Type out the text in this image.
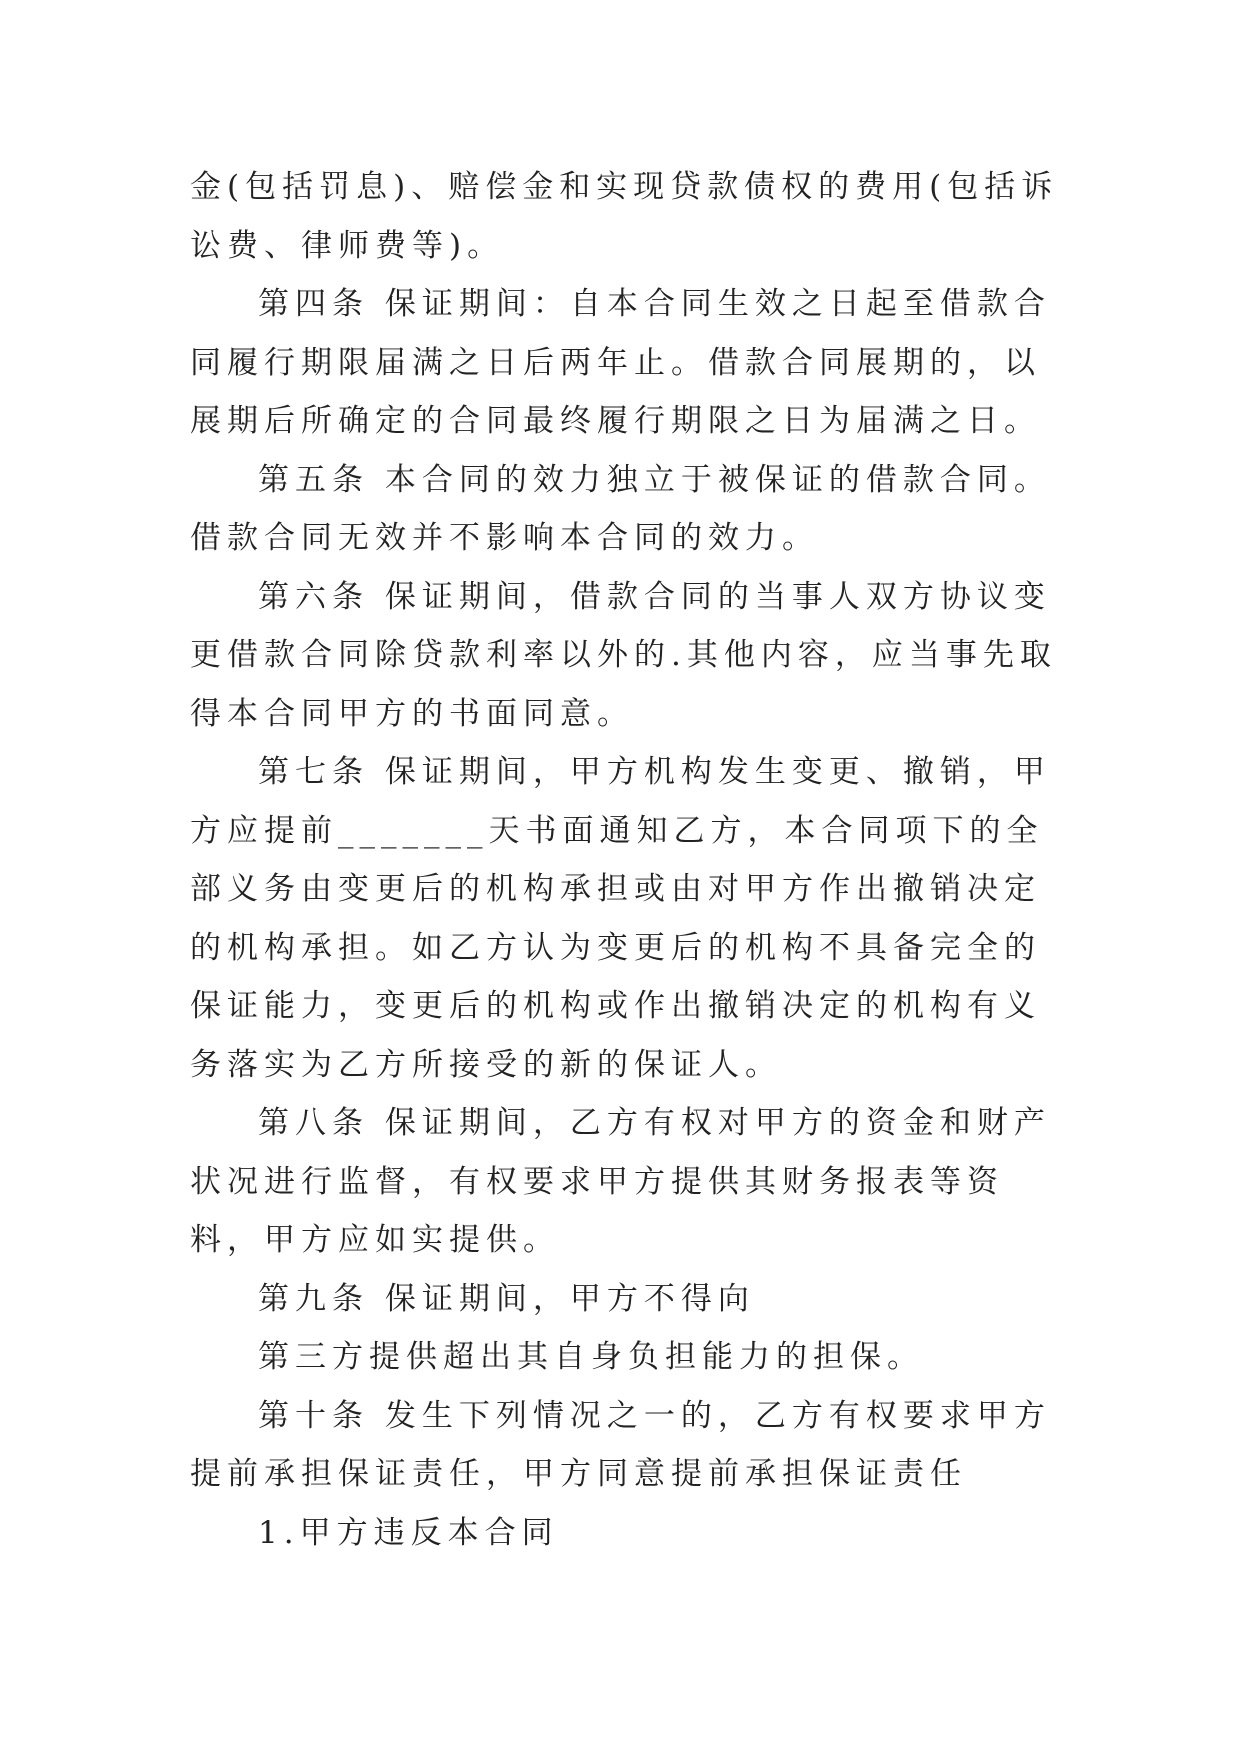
金(包括罚息)、赔偿金和实现贷款债权的费用(包括诉讼费、律师费等)。

第四条 保证期间：自本合同生效之日起至借款合同履行期限届满之日后两年止。借款合同展期的，以展期后所确定的合同最终履行期限之日为届满之日。

第五条 本合同的效力独立于被保证的借款合同。借款合同无效并不影响本合同的效力。

第六条 保证期间，借款合同的当事人双方协议变更借款合同除贷款利率以外的.其他内容，应当事先取得本合同甲方的书面同意。

第七条 保证期间，甲方机构发生变更、撤销，甲方应提前_______天书面通知乙方，本合同项下的全部义务由变更后的机构承担或由对甲方作出撤销决定的机构承担。如乙方认为变更后的机构不具备完全的保证能力，变更后的机构或作出撤销决定的机构有义务落实为乙方所接受的新的保证人。

第八条 保证期间，乙方有权对甲方的资金和财产状况进行监督，有权要求甲方提供其财务报表等资料，甲方应如实提供。

第九条 保证期间，甲方不得向

第三方提供超出其自身负担能力的担保。

第十条 发生下列情况之一的，乙方有权要求甲方提前承担保证责任，甲方同意提前承担保证责任

1.甲方违反本合同
